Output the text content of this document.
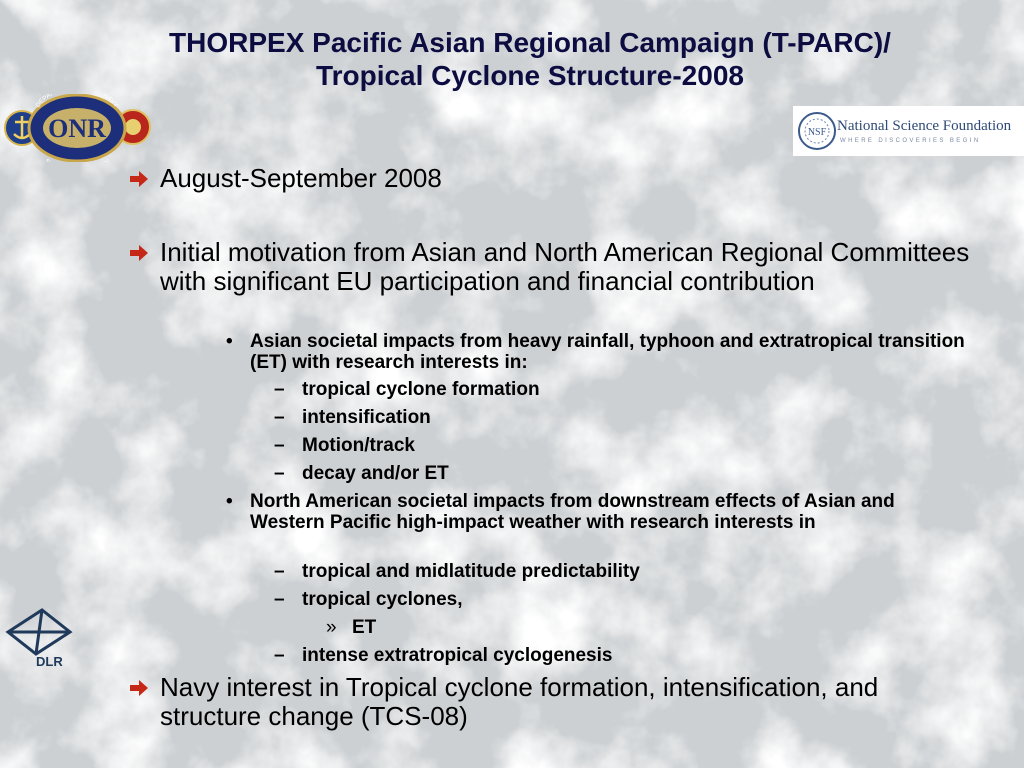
THORPEX Pacific Asian Regional Campaign (T-PARC)/
Tropical Cyclone Structure-2008
ONR
DEPA NAVY
y
NSF National Science Foundation
WHERE DISCOVERIES BEGIN
DLR
August-September 2008
Initial motivation from Asian and North American Regional Committees with significant EU participation and financial contribution
• Asian societal impacts from heavy rainfall, typhoon and extratropical transition (ET) with research interests in:
– tropical cyclone formation
– intensification
– Motion/track
– decay and/or ET
• North American societal impacts from downstream effects of Asian and Western Pacific high-impact weather with research interests in
– tropical and midlatitude predictability
– tropical cyclones,
» ET
– intense extratropical cyclogenesis
Navy interest in Tropical cyclone formation, intensification, and structure change (TCS-08)
